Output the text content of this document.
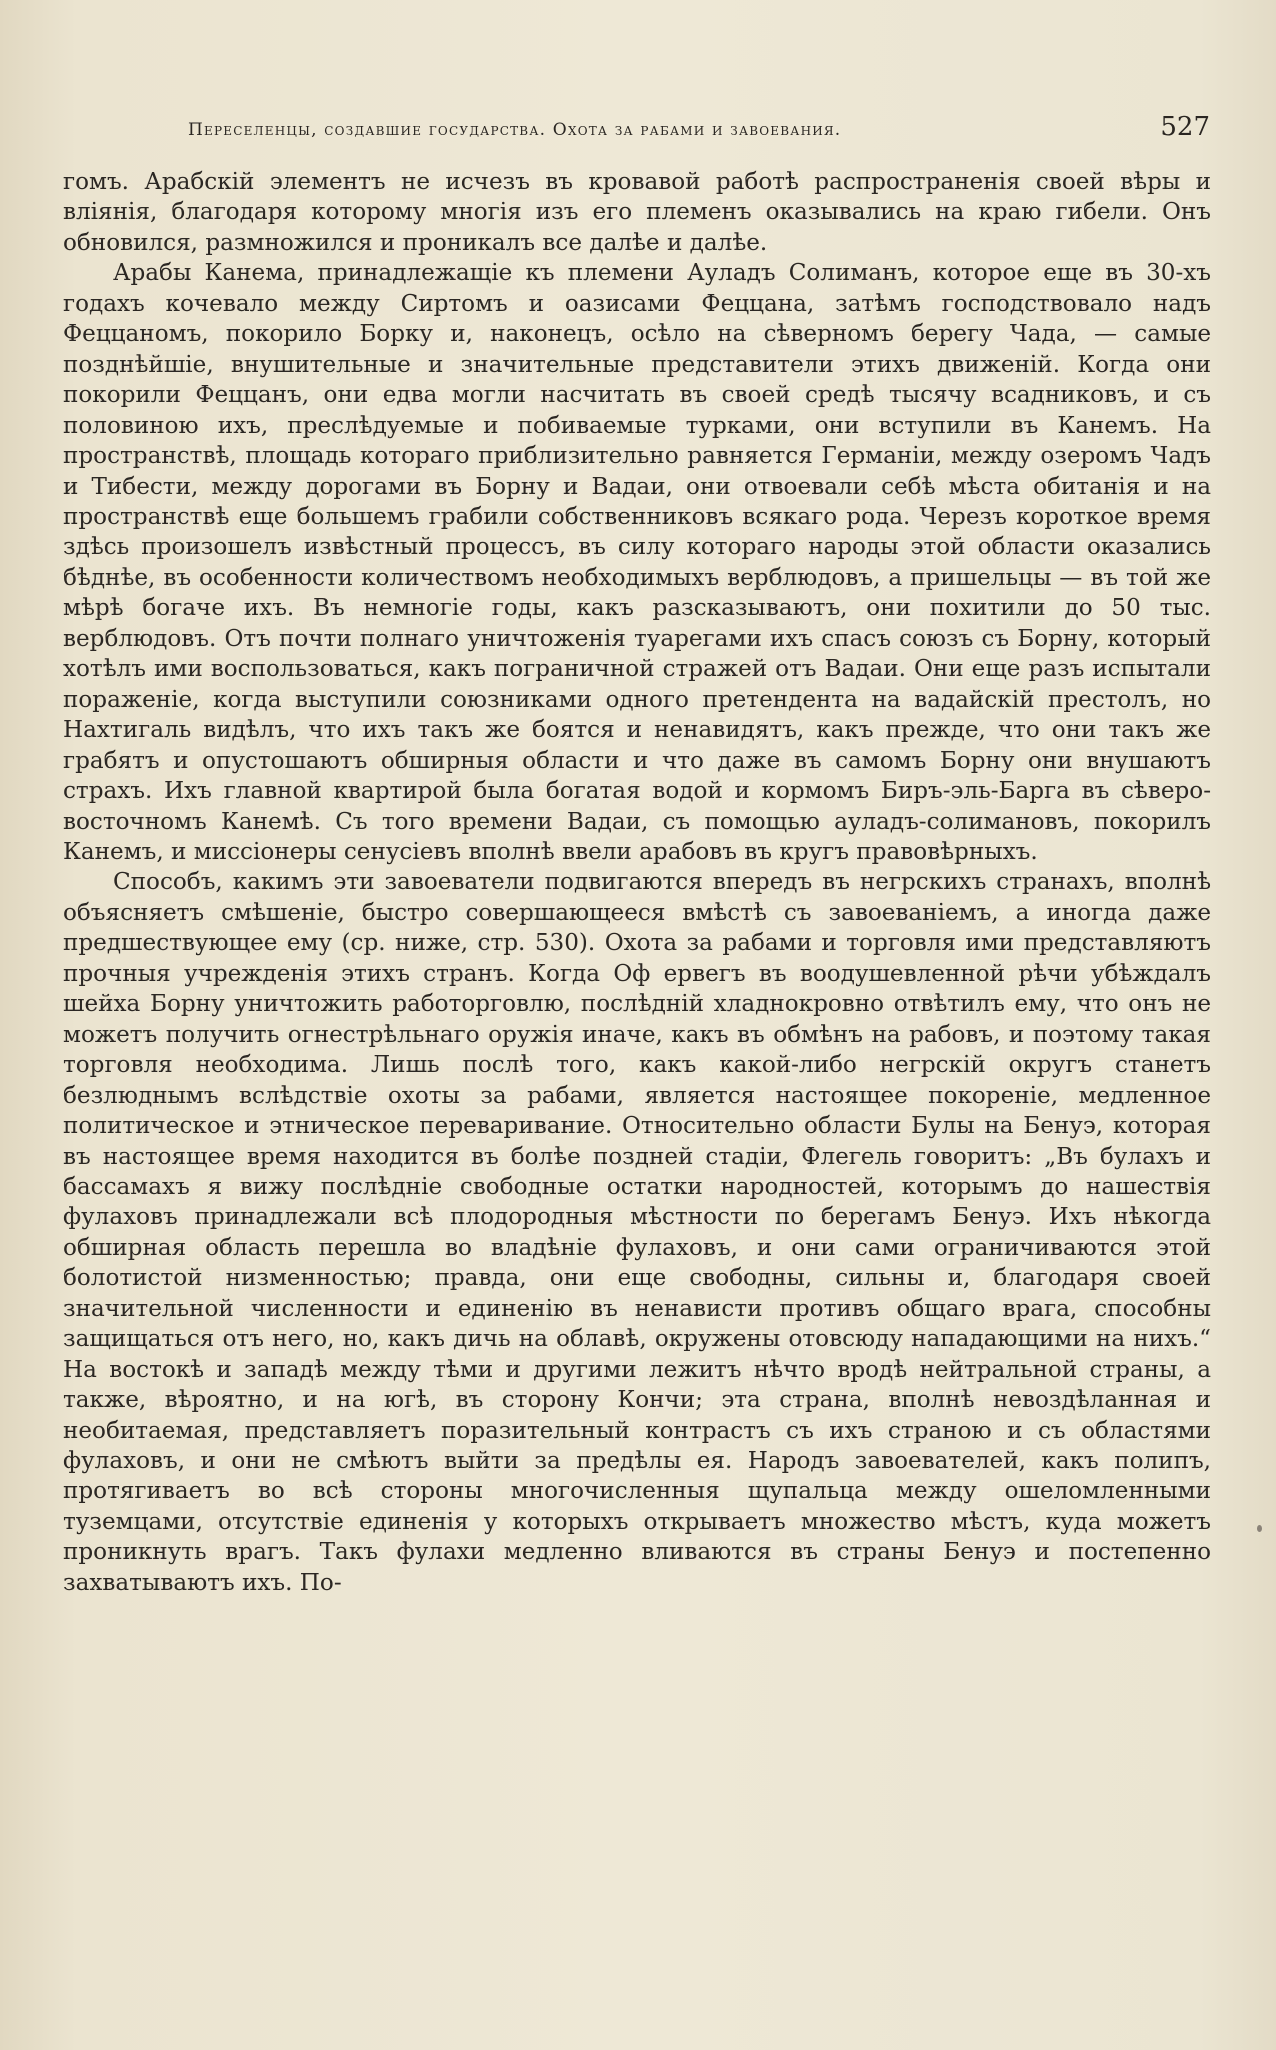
Переселенцы, создавшие государства. Охота за рабами и завоевания.	527

гомъ. Арабскій элементъ не исчезъ въ кровавой работѣ распространенія своей вѣры и вліянія, благодаря которому многія изъ его племенъ оказывались на краю гибели. Онъ обновился, размножился и проникалъ все далѣе и далѣе.

Арабы Канема, принадлежащіе къ племени Ауладъ Солиманъ, которое еще въ 30-хъ годахъ кочевало между Сиртомъ и оазисами Феццана, затѣмъ господствовало надъ Феццаномъ, покорило Борку и, наконецъ, осѣло на сѣверномъ берегу Чада, — самые позднѣйшіе, внушительные и значительные представители этихъ движеній. Когда они покорили Феццанъ, они едва могли насчитать въ своей средѣ тысячу всадниковъ, и съ половиною ихъ, преслѣдуемые и побиваемые турками, они вступили въ Канемъ. На пространствѣ, площадь котораго приблизительно равняется Германіи, между озеромъ Чадъ и Тибести, между дорогами въ Борну и Вадаи, они отвоевали себѣ мѣста обитанія и на пространствѣ еще большемъ грабили собственниковъ всякаго рода. Черезъ короткое время здѣсь произошелъ извѣстный процессъ, въ силу котораго народы этой области оказались бѣднѣе, въ особенности количествомъ необходимыхъ верблюдовъ, а пришельцы — въ той же мѣрѣ богаче ихъ. Въ немногіе годы, какъ разсказываютъ, они похитили до 50 тыс. верблюдовъ. Отъ почти полнаго уничтоженія туарегами ихъ спасъ союзъ съ Борну, который хотѣлъ ими воспользоваться, какъ пограничной стражей отъ Вадаи. Они еще разъ испытали пораженіе, когда выступили союзниками одного претендента на вадайскій престолъ, но Нахтигаль видѣлъ, что ихъ такъ же боятся и ненавидятъ, какъ прежде, что они такъ же грабятъ и опустошаютъ обширныя области и что даже въ самомъ Борну они внушаютъ страхъ. Ихъ главной квартирой была богатая водой и кормомъ Биръ-эль-Барга въ сѣверо-восточномъ Канемѣ. Съ того времени Вадаи, съ помощью ауладъ-солимановъ, покорилъ Канемъ, и миссіонеры сенусіевъ вполнѣ ввели арабовъ въ кругъ правовѣрныхъ.

Способъ, какимъ эти завоеватели подвигаются впередъ въ негрскихъ странахъ, вполнѣ объясняетъ смѣшеніе, быстро совершающееся вмѣстѣ съ завоеваніемъ, а иногда даже предшествующее ему (ср. ниже, стр. 530). Охота за рабами и торговля ими представляютъ прочныя учрежденія этихъ странъ. Когда Оф ервегъ въ воодушевленной рѣчи убѣждалъ шейха Борну уничтожить работорговлю, послѣдній хладнокровно отвѣтилъ ему, что онъ не можетъ получить огнестрѣльнаго оружія иначе, какъ въ обмѣнъ на рабовъ, и поэтому такая торговля необходима. Лишь послѣ того, какъ какой-либо негрскій округъ станетъ безлюднымъ вслѣдствіе охоты за рабами, является настоящее покореніе, медленное политическое и этническое переваривание. Относительно области Булы на Бенуэ, которая въ настоящее время находится въ болѣе поздней стадіи, Флегель говоритъ: „Въ булахъ и бассамахъ я вижу послѣдніе свободные остатки народностей, которымъ до нашествія фулаховъ принадлежали всѣ плодородныя мѣстности по берегамъ Бенуэ. Ихъ нѣкогда обширная область перешла во владѣніе фулаховъ, и они сами ограничиваются этой болотистой низменностью; правда, они еще свободны, сильны и, благодаря своей значительной численности и единенію въ ненависти противъ общаго врага, способны защищаться отъ него, но, какъ дичь на облавѣ, окружены отовсюду нападающими на нихъ.“ На востокѣ и западѣ между тѣми и другими лежитъ нѣчто вродѣ нейтральной страны, а также, вѣроятно, и на югѣ, въ сторону Кончи; эта страна, вполнѣ невоздѣланная и необитаемая, представляетъ поразительный контрастъ съ ихъ страною и съ областями фулаховъ, и они не смѣютъ выйти за предѣлы ея. Народъ завоевателей, какъ полипъ, протягиваетъ во всѣ стороны многочисленныя щупальца между ошеломленными туземцами, отсутствіе единенія у которыхъ открываетъ множество мѣстъ, куда можетъ проникнуть врагъ. Такъ фулахи медленно вливаются въ страны Бенуэ и постепенно захватываютъ ихъ. По-
